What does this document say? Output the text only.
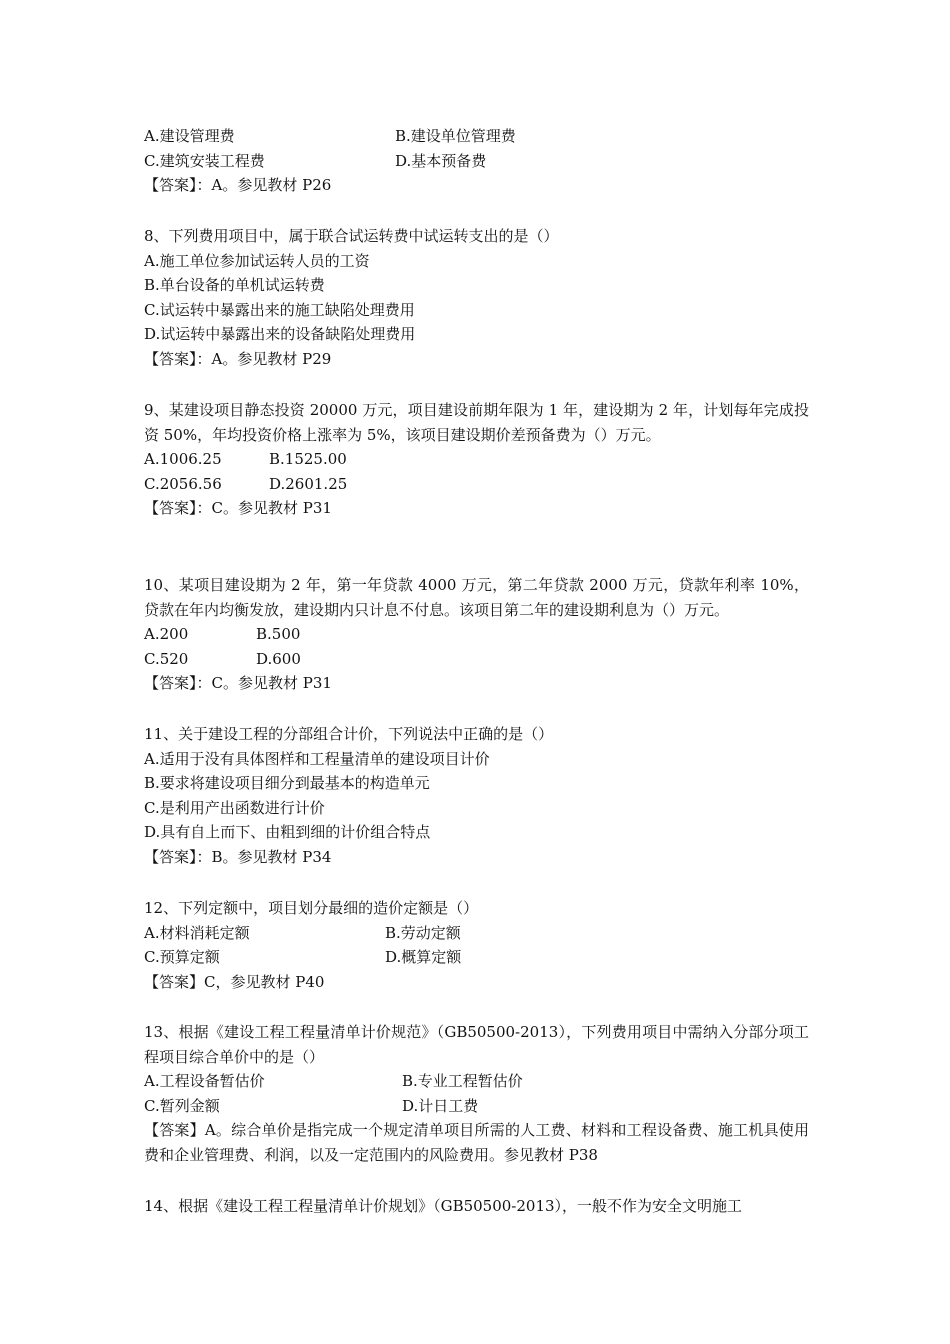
A.建设管理费	B.建设单位管理费
C.建筑安装工程费	D.基本预备费
【答案】：A。参见教材 P26
8、下列费用项目中，属于联合试运转费中试运转支出的是（）
A.施工单位参加试运转人员的工资
B.单台设备的单机试运转费
C.试运转中暴露出来的施工缺陷处理费用
D.试运转中暴露出来的设备缺陷处理费用
【答案】：A。参见教材 P29
9、某建设项目静态投资 20000 万元，项目建设前期年限为 1 年，建设期为 2 年，计划每年完成投资 50%，年均投资价格上涨率为 5%，该项目建设期价差预备费为（）万元。
A.1006.25	B.1525.00
C.2056.56	D.2601.25
【答案】：C。参见教材 P31
10、某项目建设期为 2 年，第一年贷款 4000 万元，第二年贷款 2000 万元，贷款年利率 10%，贷款在年内均衡发放，建设期内只计息不付息。该项目第二年的建设期利息为（）万元。
A.200	B.500
C.520	D.600
【答案】：C。参见教材 P31
11、关于建设工程的分部组合计价，下列说法中正确的是（）
A.适用于没有具体图样和工程量清单的建设项目计价
B.要求将建设项目细分到最基本的构造单元
C.是利用产出函数进行计价
D.具有自上而下、由粗到细的计价组合特点
【答案】：B。参见教材 P34
12、下列定额中，项目划分最细的造价定额是（）
A.材料消耗定额	B.劳动定额
C.预算定额	D.概算定额
【答案】C，参见教材 P40
13、根据《建设工程工程量清单计价规范》（GB50500-2013），下列费用项目中需纳入分部分项工程项目综合单价中的是（）
A.工程设备暂估价	B.专业工程暂估价
C.暂列金额	D.计日工费
【答案】A。综合单价是指完成一个规定清单项目所需的人工费、材料和工程设备费、施工机具使用费和企业管理费、利润，以及一定范围内的风险费用。参见教材 P38
14、根据《建设工程工程量清单计价规划》（GB50500-2013），一般不作为安全文明施工
